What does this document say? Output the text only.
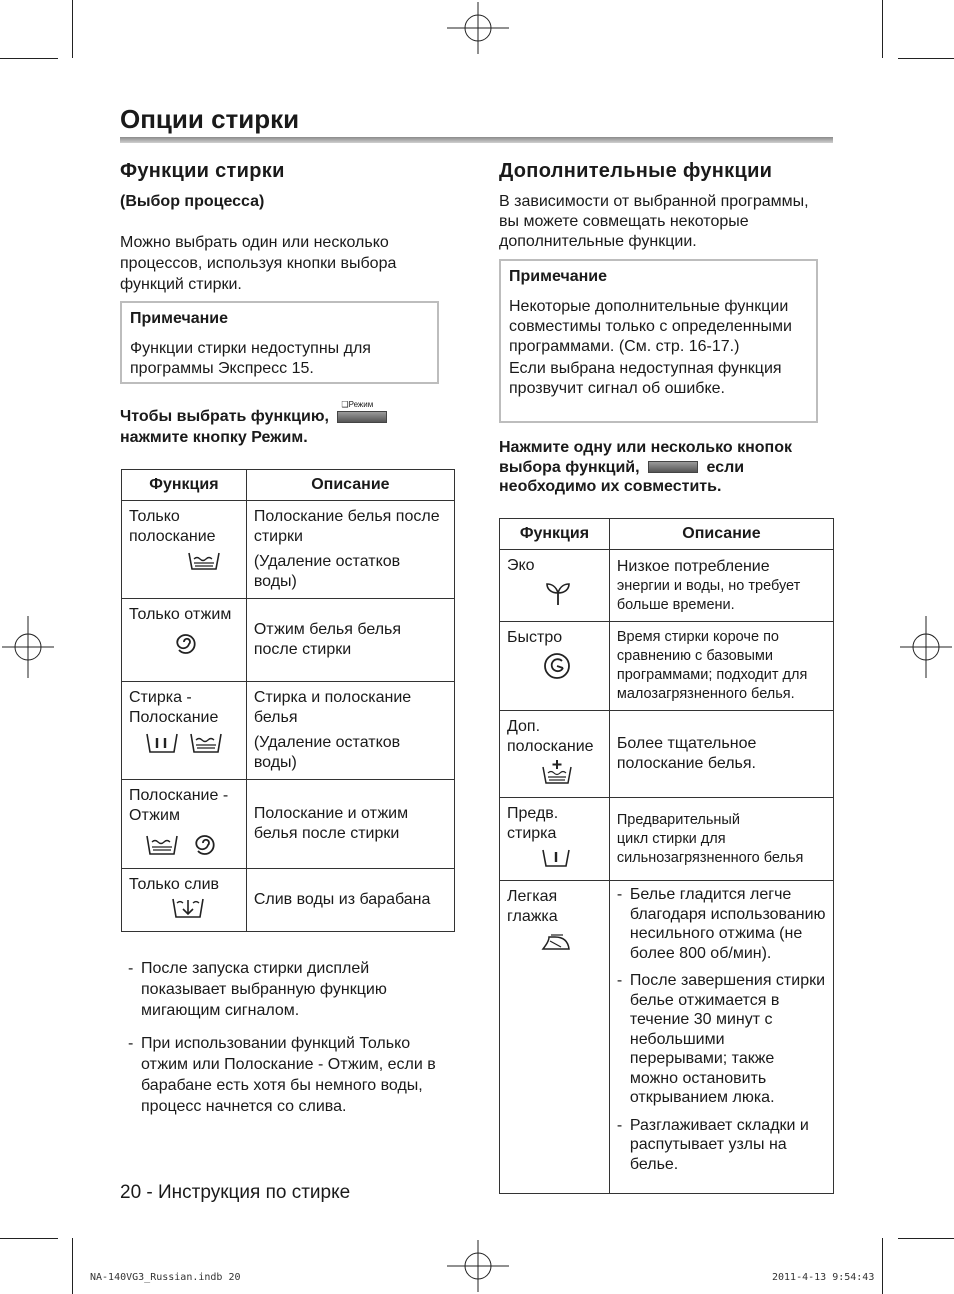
Опции стирки
Функции стирки
(Выбор процесса)
Можно выбрать один или несколько процессов, используя кнопки выбора функций стирки.
Примечание
Функции стирки недоступны для программы Экспресс 15.
Чтобы выбрать функцию,
❑Режим

нажмите кнопку Режим.
Функция	Описание
Только полоскание	Полоскание белья после стирки
(Удаление остатков воды)

Только отжим	Отжим белья белья после стирки

Стирка - Полоскание	Стирка и полоскание белья
(Удаление остатков воды)

Полоскание - Отжим	Полоскание и отжим белья после стирки

Только слив	Слив воды из барабана
- После запуска стирки дисплей показывает выбранную функцию мигающим сигналом.
- При использовании функций Только отжим или Полоскание - Отжим, если в барабане есть хотя бы немного воды, процесс начнется со слива.
Дополнительные функции
В зависимости от выбранной программы, вы можете совмещать некоторые дополнительные функции.
Примечание
Некоторые дополнительные функции совместимы только с определенными программами. (См. стр. 16-17.)
Если выбрана недоступная функция прозвучит сигнал об ошибке.
Нажмите одну или несколько кнопок
выбора функций,	если
необходимо их совместить.
Функция	Описание
Эко	Низкое потребление
энергии и воды, но требует
больше времени.

Быстро	Время стирки короче по
сравнению с базовыми
программами; подходит для
малозагрязненного белья.

Доп. полоскание	Более тщательное
полоскание белья.

Предв. стирка	Предварительный
цикл стирки для
сильнозагрязненного белья

Легкая глажка	- Белье гладится легче благодаря использованию несильного отжима (не более 800 об/мин).
- После завершения стирки белье отжимается в течение 30 минут с небольшими перерывами; также можно остановить открыванием люка.
- Разглаживает складки и распутывает узлы на белье.
20 - Инструкция по стирке
NA-140VG3_Russian.indb 20	2011-4-13 9:54:43
